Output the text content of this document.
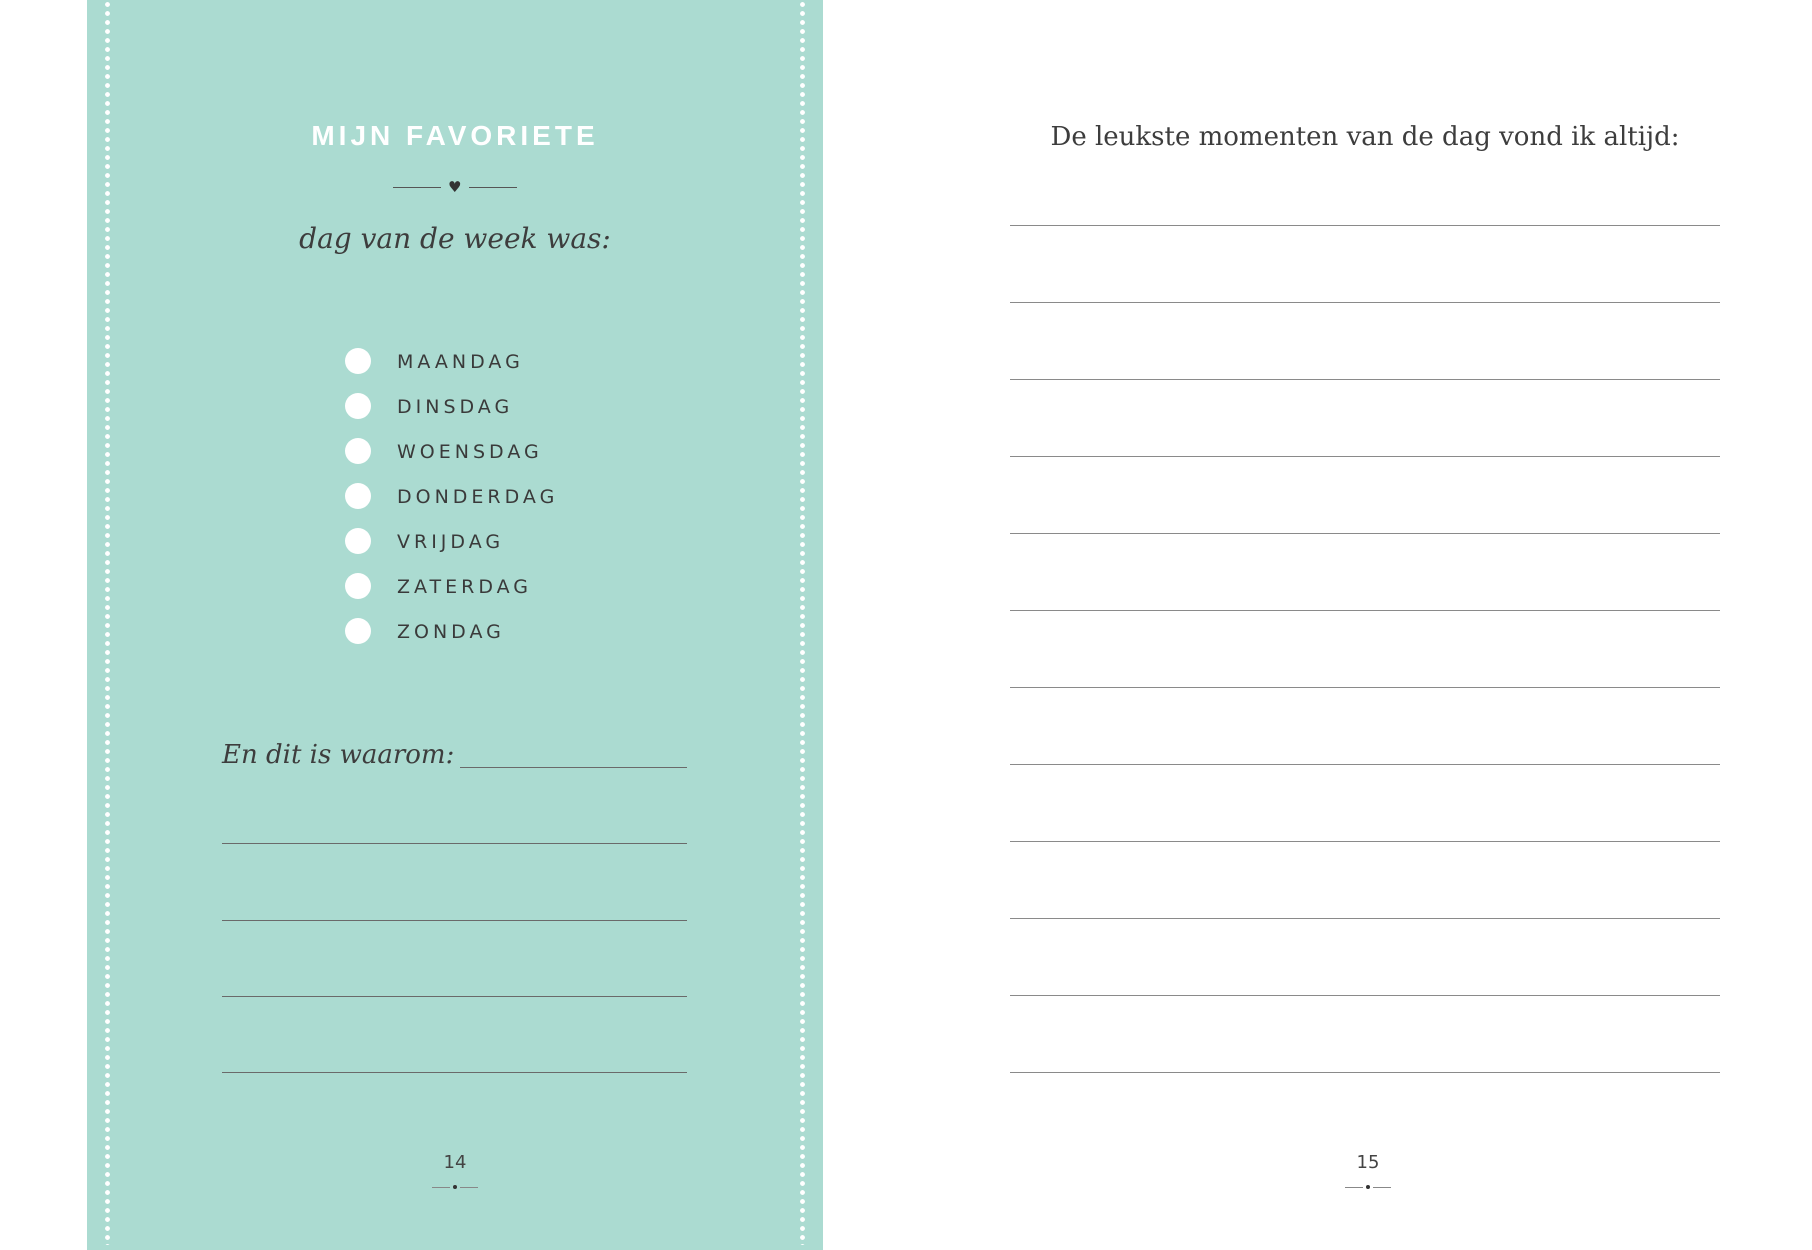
MIJN FAVORIETE
♥
dag van de week was:
MAANDAG
DINSDAG
WOENSDAG
DONDERDAG
VRIJDAG
ZATERDAG
ZONDAG
En dit is waarom:
14
De leukste momenten van de dag vond ik altijd:
15
